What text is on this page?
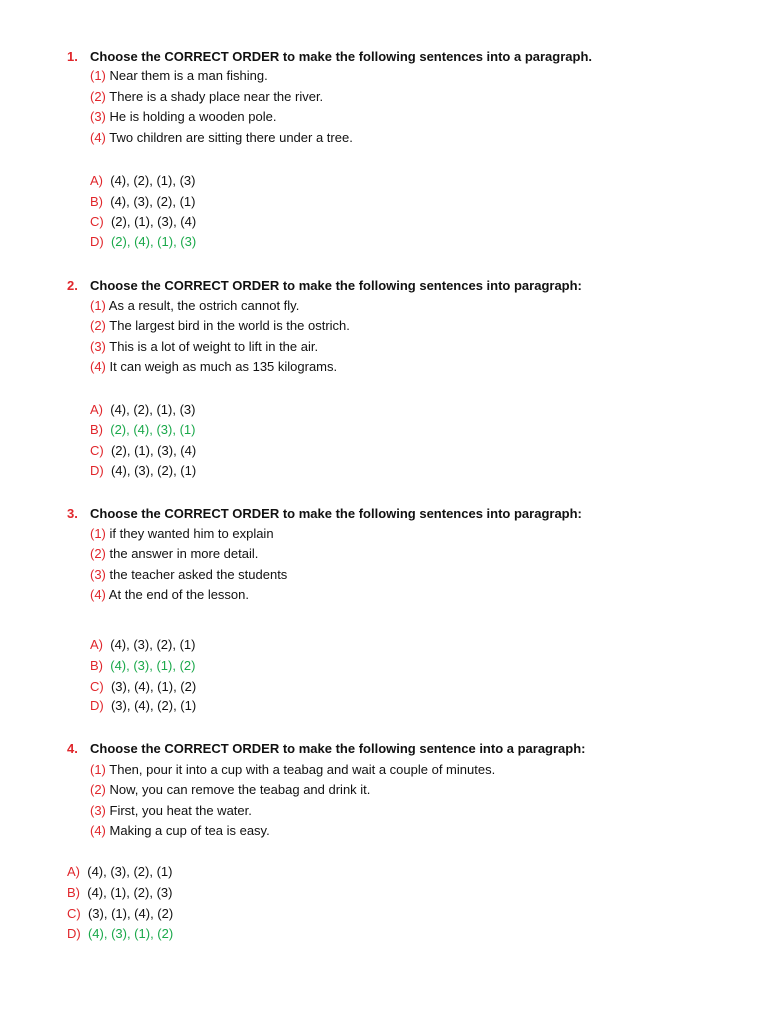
1. Choose the CORRECT ORDER to make the following sentences into a paragraph.
(1) Near them is a man fishing.
(2) There is a shady place near the river.
(3) He is holding a wooden pole.
(4) Two children are sitting there under a tree.
A) (4), (2), (1), (3)
B) (4), (3), (2), (1)
C) (2), (1), (3), (4)
D) (2), (4), (1), (3)
2. Choose the CORRECT ORDER to make the following sentences into paragraph:
(1) As a result, the ostrich cannot fly.
(2) The largest bird in the world is the ostrich.
(3) This is a lot of weight to lift in the air.
(4) It can weigh as much as 135 kilograms.
A) (4), (2), (1), (3)
B) (2), (4), (3), (1)
C) (2), (1), (3), (4)
D) (4), (3), (2), (1)
3. Choose the CORRECT ORDER to make the following sentences into paragraph:
(1) if they wanted him to explain
(2) the answer in more detail.
(3) the teacher asked the students
(4) At the end of the lesson.
A) (4), (3), (2), (1)
B) (4), (3), (1), (2)
C) (3), (4), (1), (2)
D) (3), (4), (2), (1)
4. Choose the CORRECT ORDER to make the following sentence into a paragraph:
(1) Then, pour it into a cup with a teabag and wait a couple of minutes.
(2) Now, you can remove the teabag and drink it.
(3) First, you heat the water.
(4) Making a cup of tea is easy.
A) (4), (3), (2), (1)
B) (4), (1), (2), (3)
C) (3), (1), (4), (2)
D) (4), (3), (1), (2)
